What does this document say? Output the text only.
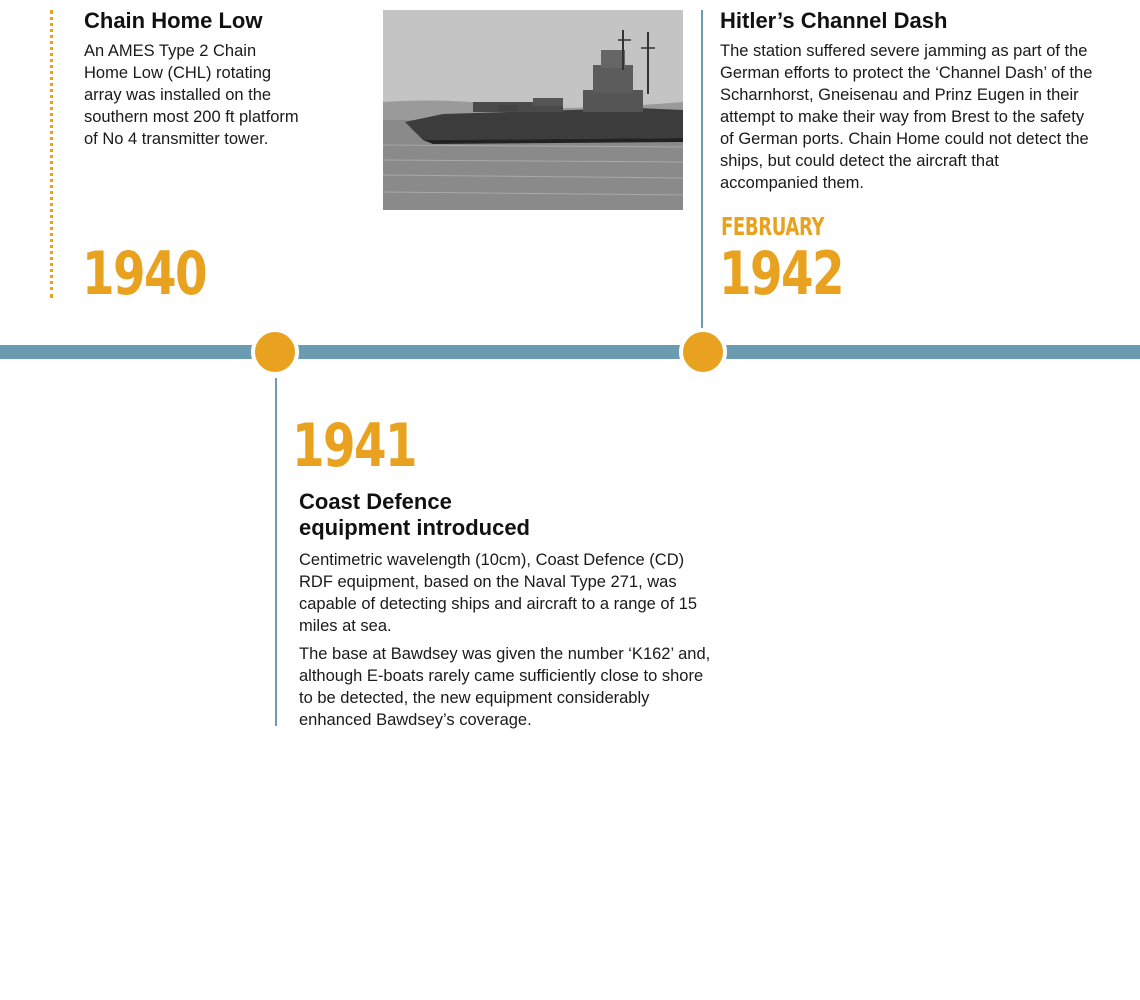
Chain Home Low

An AMES Type 2 Chain Home Low (CHL) rotating array was installed on the southern most 200 ft platform of No 4 transmitter tower.

1940
Hitler’s Channel Dash

The station suffered severe jamming as part of the German efforts to protect the ‘Channel Dash’ of the Scharnhorst, Gneisenau and Prinz Eugen in their attempt to make their way from Brest to the safety of German ports. Chain Home could not detect the ships, but could detect the aircraft that accompanied them.

FEBRUARY
1942
1941
Coast Defence
equipment introduced

Centimetric wavelength (10cm), Coast Defence (CD) RDF equipment, based on the Naval Type 271, was capable of detecting ships and aircraft to a range of 15 miles at sea.

The base at Bawdsey was given the number ‘K162’ and, although E-boats rarely came sufficiently close to shore to be detected, the new equipment considerably enhanced Bawdsey’s coverage.
